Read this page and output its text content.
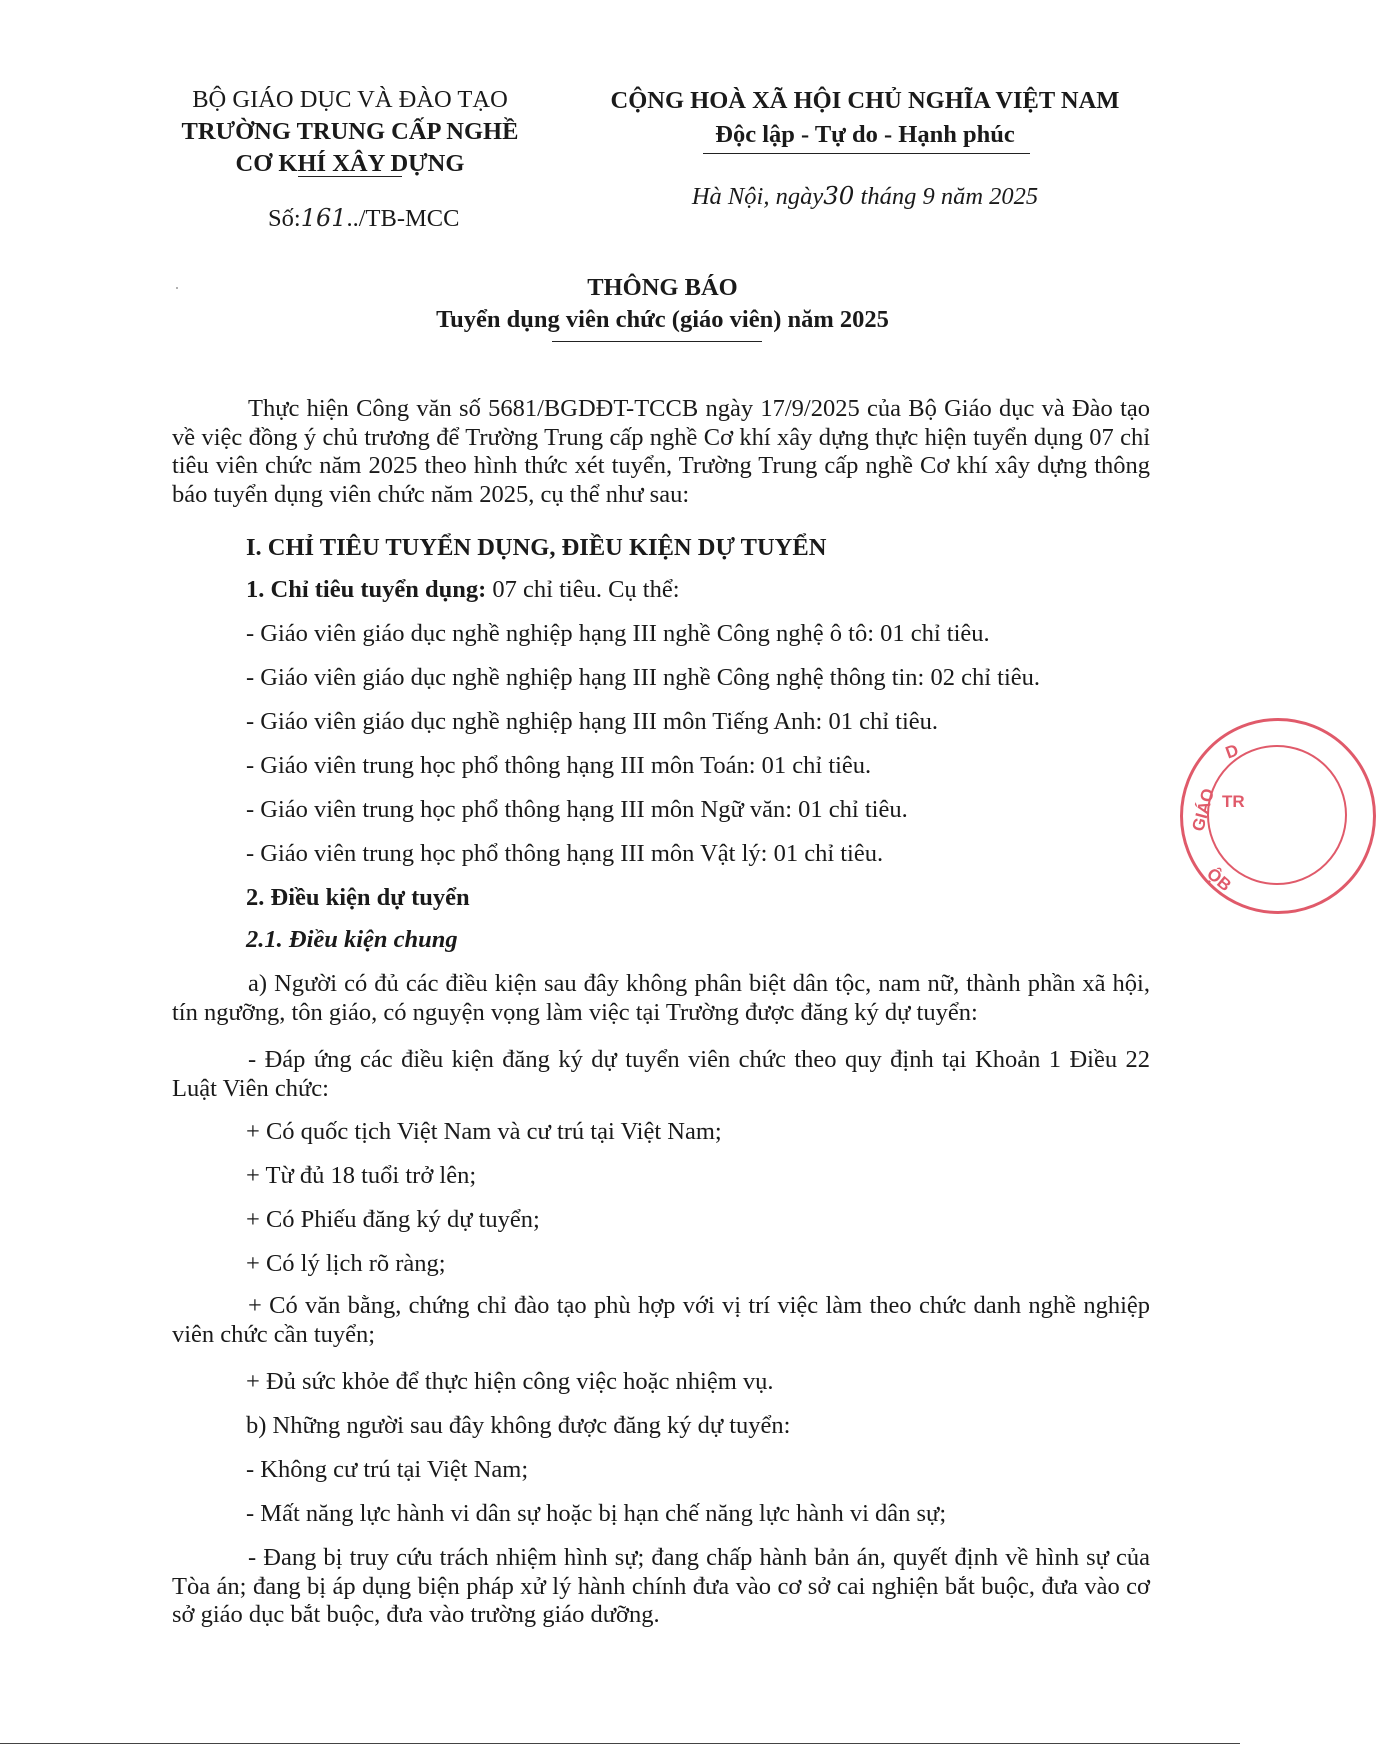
BỘ GIÁO DỤC VÀ ĐÀO TẠO
TRƯỜNG TRUNG CẤP NGHỀ
CƠ KHÍ XÂY DỰNG
Số:161../TB-MCC
CỘNG HOÀ XÃ HỘI CHỦ NGHĨA VIỆT NAM
Độc lập - Tự do - Hạnh phúc
Hà Nội, ngày30 tháng 9 năm 2025
THÔNG BÁO
Tuyển dụng viên chức (giáo viên) năm 2025
Thực hiện Công văn số 5681/BGDĐT-TCCB ngày 17/9/2025 của Bộ Giáo dục và Đào tạo về việc đồng ý chủ trương để Trường Trung cấp nghề Cơ khí xây dựng thực hiện tuyển dụng 07 chỉ tiêu viên chức năm 2025 theo hình thức xét tuyển, Trường Trung cấp nghề Cơ khí xây dựng thông báo tuyển dụng viên chức năm 2025, cụ thể như sau:
I. CHỈ TIÊU TUYỂN DỤNG, ĐIỀU KIỆN DỰ TUYỂN
1. Chỉ tiêu tuyển dụng: 07 chỉ tiêu. Cụ thể:
- Giáo viên giáo dục nghề nghiệp hạng III nghề Công nghệ ô tô: 01 chỉ tiêu.
- Giáo viên giáo dục nghề nghiệp hạng III nghề Công nghệ thông tin: 02 chỉ tiêu.
- Giáo viên giáo dục nghề nghiệp hạng III môn Tiếng Anh: 01 chỉ tiêu.
- Giáo viên trung học phổ thông hạng III môn Toán: 01 chỉ tiêu.
- Giáo viên trung học phổ thông hạng III môn Ngữ văn: 01 chỉ tiêu.
- Giáo viên trung học phổ thông hạng III môn Vật lý: 01 chỉ tiêu.
2. Điều kiện dự tuyển
2.1. Điều kiện chung
a) Người có đủ các điều kiện sau đây không phân biệt dân tộc, nam nữ, thành phần xã hội, tín ngưỡng, tôn giáo, có nguyện vọng làm việc tại Trường được đăng ký dự tuyển:
- Đáp ứng các điều kiện đăng ký dự tuyển viên chức theo quy định tại Khoản 1 Điều 22 Luật Viên chức:
+ Có quốc tịch Việt Nam và cư trú tại Việt Nam;
+ Từ đủ 18 tuổi trở lên;
+ Có Phiếu đăng ký dự tuyển;
+ Có lý lịch rõ ràng;
+ Có văn bằng, chứng chỉ đào tạo phù hợp với vị trí việc làm theo chức danh nghề nghiệp viên chức cần tuyển;
+ Đủ sức khỏe để thực hiện công việc hoặc nhiệm vụ.
b) Những người sau đây không được đăng ký dự tuyển:
- Không cư trú tại Việt Nam;
- Mất năng lực hành vi dân sự hoặc bị hạn chế năng lực hành vi dân sự;
- Đang bị truy cứu trách nhiệm hình sự; đang chấp hành bản án, quyết định về hình sự của Tòa án; đang bị áp dụng biện pháp xử lý hành chính đưa vào cơ sở cai nghiện bắt buộc, đưa vào cơ sở giáo dục bắt buộc, đưa vào trường giáo dưỡng.
GIÁO TR
D
ỘB
